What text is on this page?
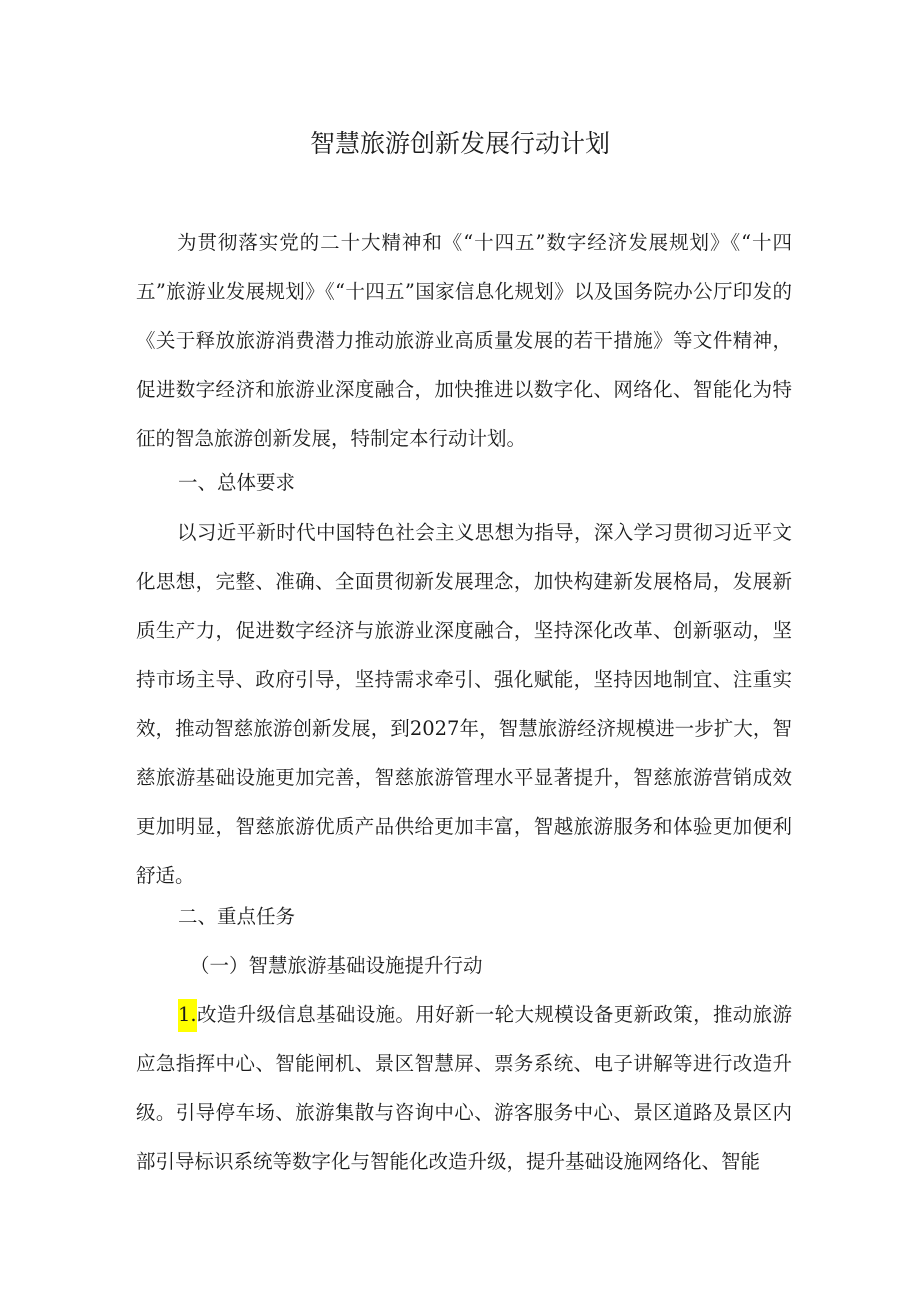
智慧旅游创新发展行动计划

为贯彻落实党的二十大精神和《“十四五”数字经济发展规划》《“十四五”旅游业发展规划》《“十四五”国家信息化规划》以及国务院办公厅印发的《关于释放旅游消费潜力推动旅游业高质量发展的若干措施》等文件精神，促进数字经济和旅游业深度融合，加快推进以数字化、网络化、智能化为特征的智急旅游创新发展，特制定本行动计划。

一、总体要求

以习近平新时代中国特色社会主义思想为指导，深入学习贯彻习近平文化思想，完整、准确、全面贯彻新发展理念，加快构建新发展格局，发展新质生产力，促进数字经济与旅游业深度融合，坚持深化改革、创新驱动，坚持市场主导、政府引导，坚持需求牵引、强化赋能，坚持因地制宜、注重实效，推动智慈旅游创新发展，到2027年，智慧旅游经济规模进一步扩大，智慈旅游基础设施更加完善，智慈旅游管理水平显著提升，智慈旅游营销成效更加明显，智慈旅游优质产品供给更加丰富，智越旅游服务和体验更加便利舒适。

二、重点任务

（一）智慧旅游基础设施提升行动

1.改造升级信息基础设施。用好新一轮大规模设备更新政策，推动旅游应急指挥中心、智能闸机、景区智慧屏、票务系统、电子讲解等进行改造升级。引导停车场、旅游集散与咨询中心、游客服务中心、景区道路及景区内部引导标识系统等数字化与智能化改造升级，提升基础设施网络化、智能
